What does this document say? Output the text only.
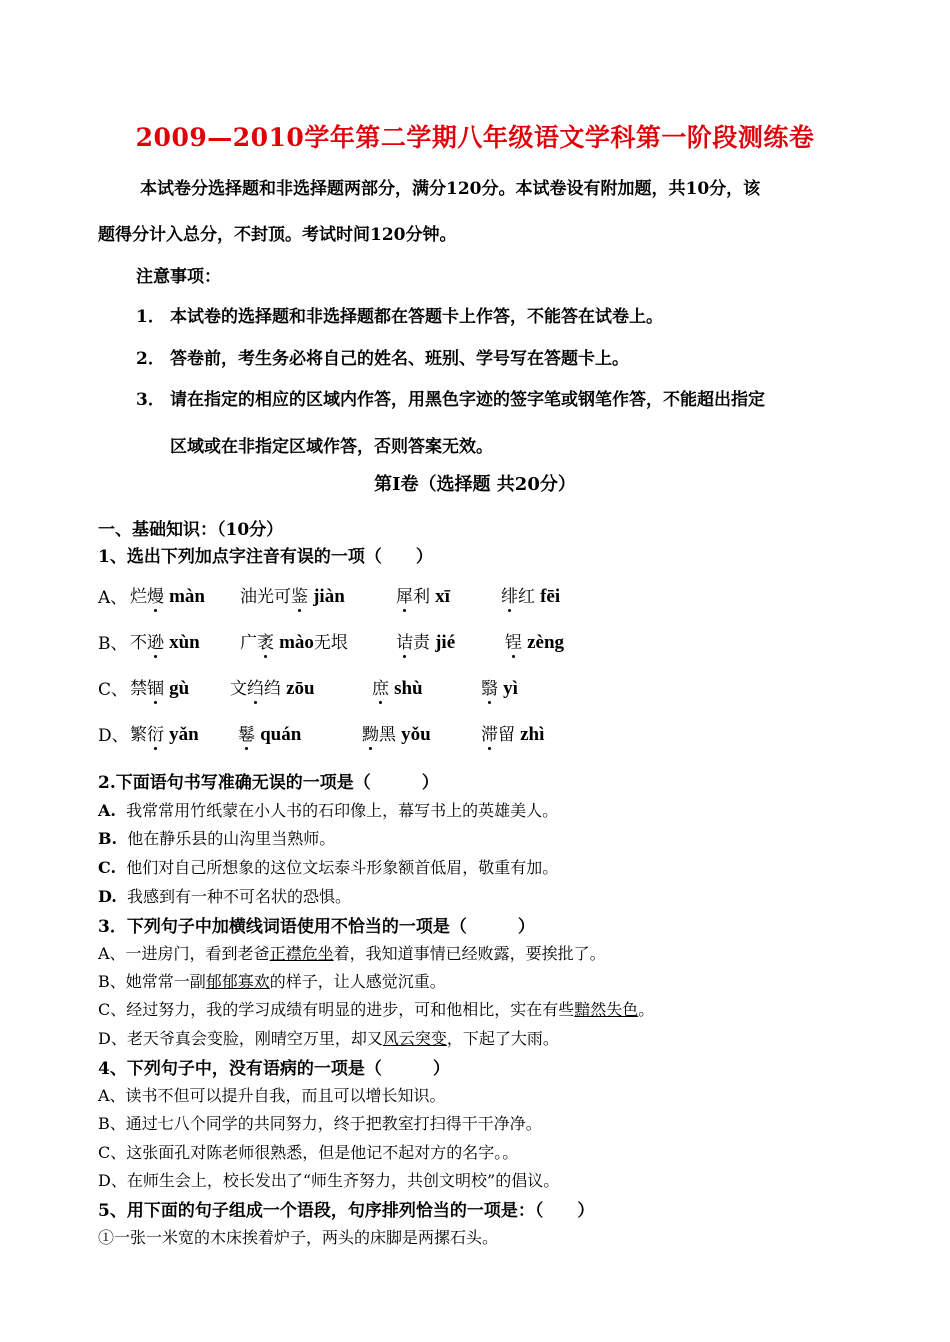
2009—2010学年第二学期八年级语文学科第一阶段测练卷
本试卷分选择题和非选择题两部分，满分120分。本试卷设有附加题，共10分，该
题得分计入总分，不封顶。考试时间120分钟。
注意事项：
1． 本试卷的选择题和非选择题都在答题卡上作答，不能答在试卷上。
2． 答卷前，考生务必将自己的姓名、班别、学号写在答题卡上。
3． 请在指定的相应的区域内作答，用黑色字迹的签字笔或钢笔作答，不能超出指定
区域或在非指定区域作答，否则答案无效。
第Ⅰ卷（选择题 共20分）
一、基础知识：（10分）
1、选出下列加点字注音有误的一项（　　）
A、 烂熳 màn 油光可鉴 jiàn	犀利 xī	绯红 fēi
B、 不逊 xùn 广袤 mào无垠	诘责 jié	锃 zèng
C、 禁锢 gù 文绉绉 zōu	庶 shù	翳 yì
D、 繁衍 yǎn 鬈 quán	黝黑 yǒu	滞留 zhì
2.下面语句书写准确无误的一项是（　　　）
A. 我常常用竹纸蒙在小人书的石印像上，幕写书上的英雄美人。
B. 他在静乐县的山沟里当熟师。
C. 他们对自己所想象的这位文坛泰斗形象额首低眉，敬重有加。
D. 我感到有一种不可名状的恐惧。
3．下列句子中加横线词语使用不恰当的一项是（　　　）
A、一进房门，看到老爸正襟危坐着，我知道事情已经败露，要挨批了。
B、她常常一副郁郁寡欢的样子，让人感觉沉重。
C、经过努力，我的学习成绩有明显的进步，可和他相比，实在有些黯然失色。
D、老天爷真会变脸，刚晴空万里，却又风云突变，下起了大雨。
4、下列句子中，没有语病的一项是（　　　）
A、读书不但可以提升自我，而且可以增长知识。
B、通过七八个同学的共同努力，终于把教室打扫得干干净净。
C、这张面孔对陈老师很熟悉，但是他记不起对方的名字。。
D、在师生会上，校长发出了“师生齐努力，共创文明校”的倡议。
5、用下面的句子组成一个语段，句序排列恰当的一项是：（　　）
①一张一米宽的木床挨着炉子，两头的床脚是两摞石头。
